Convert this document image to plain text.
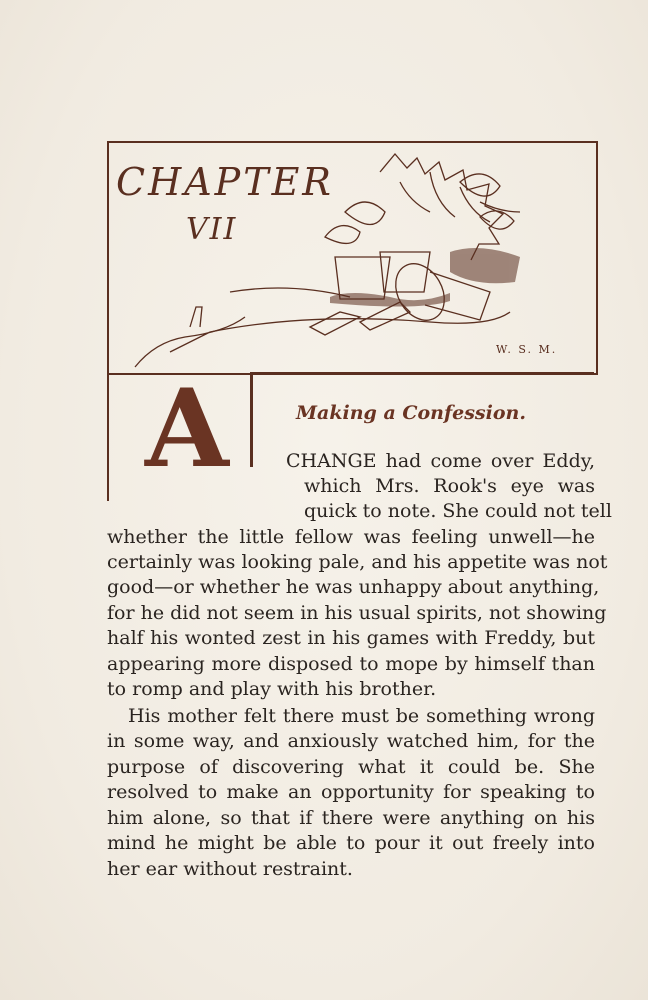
CHAPTER
VII
W. S. M.
A	Making a Confession.
CHANGE had come over Eddy,
which Mrs. Rook's eye was
quick to note. She could not tell
whether the little fellow was feeling unwell—he
certainly was looking pale, and his appetite was not
good—or whether he was unhappy about anything,
for he did not seem in his usual spirits, not showing
half his wonted zest in his games with Freddy, but
appearing more disposed to mope by himself than
to romp and play with his brother.
His mother felt there must be something wrong
in some way, and anxiously watched him, for the
purpose of discovering what it could be. She
resolved to make an opportunity for speaking to
him alone, so that if there were anything on his
mind he might be able to pour it out freely into
her ear without restraint.
